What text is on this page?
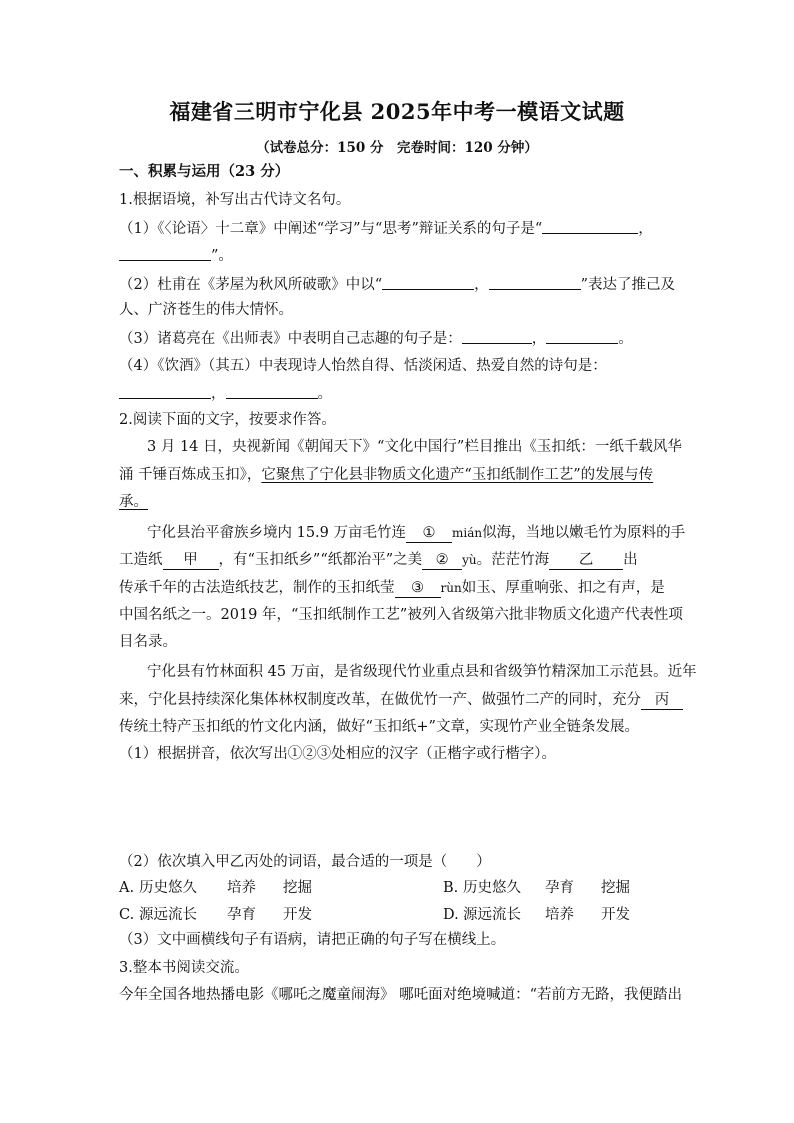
福建省三明市宁化县 2025年中考一模语文试题

（试卷总分：150 分　完卷时间：120 分钟）

一、积累与运用（23 分）

1.根据语境，补写出古代诗文名句。

（1）《〈论语〉十二章》中阐述“学习”与“思考”辩证关系的句子是“	，

”。

（2）杜甫在《茅屋为秋风所破歌》中以“	，	”表达了推己及

人、广济苍生的伟大情怀。

（3）诸葛亮在《出师表》中表明自己志趣的句子是：	，	。

（4）《饮酒》（其五）中表现诗人怡然自得、恬淡闲适、热爱自然的诗句是：

，	。

2.阅读下面的文字，按要求作答。

3 月 14 日，央视新闻《朝闻天下》“文化中国行”栏目推出《玉扣纸：一纸千载风华

涌 千锤百炼成玉扣》，它聚焦了宁化县非物质文化遗产“玉扣纸制作工艺”的发展与传

承。

宁化县治平畲族乡境内 15.9 万亩毛竹连 ① mián似海，当地以嫩毛竹为原料的手

工造纸 甲 ，有“玉扣纸乡”“纸都治平”之美 ② yù。茫茫竹海 乙 出

传承千年的古法造纸技艺，制作的玉扣纸莹 ③ rùn如玉、厚重响张、扣之有声，是

中国名纸之一。2019 年，“玉扣纸制作工艺”被列入省级第六批非物质文化遗产代表性项

目名录。

宁化县有竹林面积 45 万亩，是省级现代竹业重点县和省级笋竹精深加工示范县。近年

来，宁化县持续深化集体林权制度改革，在做优竹一产、做强竹二产的同时，充分 丙

传统土特产玉扣纸的竹文化内涵，做好“玉扣纸+”文章，实现竹产业全链条发展。

（1）根据拼音，依次写出①②③处相应的汉字（正楷字或行楷字）。

（2）依次填入甲乙丙处的词语，最合适的一项是（　　）

A. 历史悠久 培养 挖掘	B. 历史悠久 孕育 挖掘
C. 源远流长 孕育 开发	D. 源远流长 培养 开发

（3）文中画横线句子有语病，请把正确的句子写在横线上。

3.整本书阅读交流。

今年全国各地热播电影《哪吒之魔童闹海》 哪吒面对绝境喊道：“若前方无路，我便踏出
